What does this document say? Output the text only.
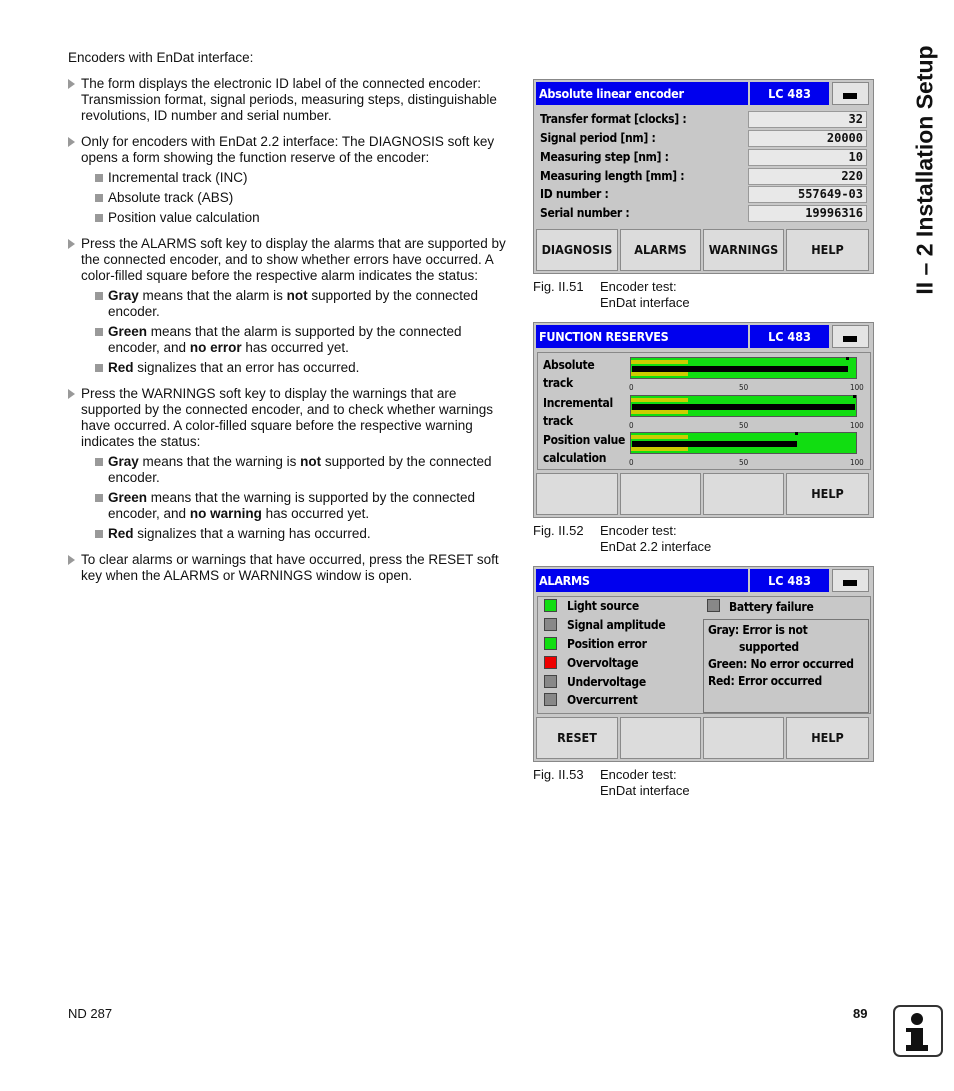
Encoders with EnDat interface:
The form displays the electronic ID label of the connected encoder: Transmission format, signal periods, measuring steps, distinguishable revolutions, ID number and serial number.
Only for encoders with EnDat 2.2 interface: The DIAGNOSIS soft key opens a form showing the function reserve of the encoder:
Incremental track (INC)
Absolute track (ABS)
Position value calculation
Press the ALARMS soft key to display the alarms that are supported by the connected encoder, and to show whether errors have occurred. A color-filled square before the respective alarm indicates the status:
Gray means that the alarm is not supported by the connected encoder.
Green means that the alarm is supported by the connected encoder, and no error has occurred yet.
Red signalizes that an error has occurred.
Press the WARNINGS soft key to display the warnings that are supported by the connected encoder, and to check whether warnings have occurred. A color-filled square before the respective warning indicates the status:
Gray means that the warning is not supported by the connected encoder.
Green means that the warning is supported by the connected encoder, and no warning has occurred yet.
Red signalizes that a warning has occurred.
To clear alarms or warnings that have occurred, press the RESET soft key when the ALARMS or WARNINGS window is open.
Absolute linear encoder	LC 483
Transfer format [clocks] :	32
Signal period [nm] :	20000
Measuring step [nm] :	10
Measuring length [mm] :	220
ID number :	557649-03
Serial number :	19996316
DIAGNOSIS	ALARMS	WARNINGS	HELP
Fig. II.51 Encoder test:
EnDat interface
FUNCTION RESERVES	LC 483
Absolute
track	0	50	100
Incremental
track	0	50	100
Position value
calculation	0	50	100
HELP
Fig. II.52 Encoder test:
EnDat 2.2 interface
ALARMS	LC 483
Light source
Signal amplitude
Position error
Overvoltage
Undervoltage
Overcurrent
Battery failure
Gray: Error is not
supported
Green: No error occurred
Red: Error occurred
RESET	HELP
Fig. II.53 Encoder test:
EnDat interface
II – 2 Installation Setup
ND 287	89
